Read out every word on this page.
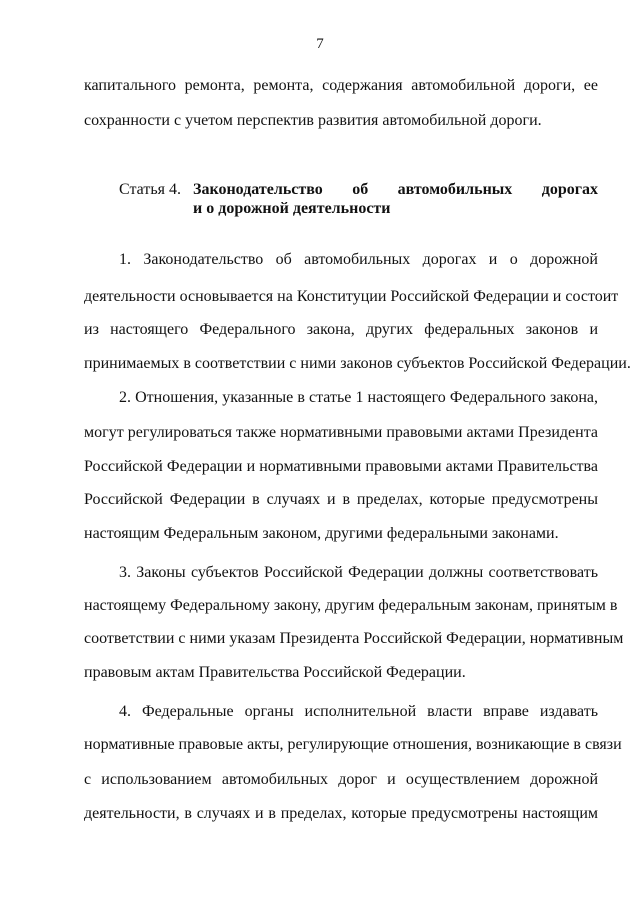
7
капитального ремонта, ремонта, содержания автомобильной дороги, ее
сохранности с учетом перспектив развития автомобильной дороги.
Статья 4. Законодательство об автомобильных дорогах
и о дорожной деятельности
1. Законодательство об автомобильных дорогах и о дорожной
деятельности основывается на Конституции Российской Федерации и состоит
из настоящего Федерального закона, других федеральных законов и
принимаемых в соответствии с ними законов субъектов Российской Федерации.
2. Отношения, указанные в статье 1 настоящего Федерального закона,
могут регулироваться также нормативными правовыми актами Президента
Российской Федерации и нормативными правовыми актами Правительства
Российской Федерации в случаях и в пределах, которые предусмотрены
настоящим Федеральным законом, другими федеральными законами.
3. Законы субъектов Российской Федерации должны соответствовать
настоящему Федеральному закону, другим федеральным законам, принятым в
соответствии с ними указам Президента Российской Федерации, нормативным
правовым актам Правительства Российской Федерации.
4. Федеральные органы исполнительной власти вправе издавать
нормативные правовые акты, регулирующие отношения, возникающие в связи
с использованием автомобильных дорог и осуществлением дорожной
деятельности, в случаях и в пределах, которые предусмотрены настоящим
